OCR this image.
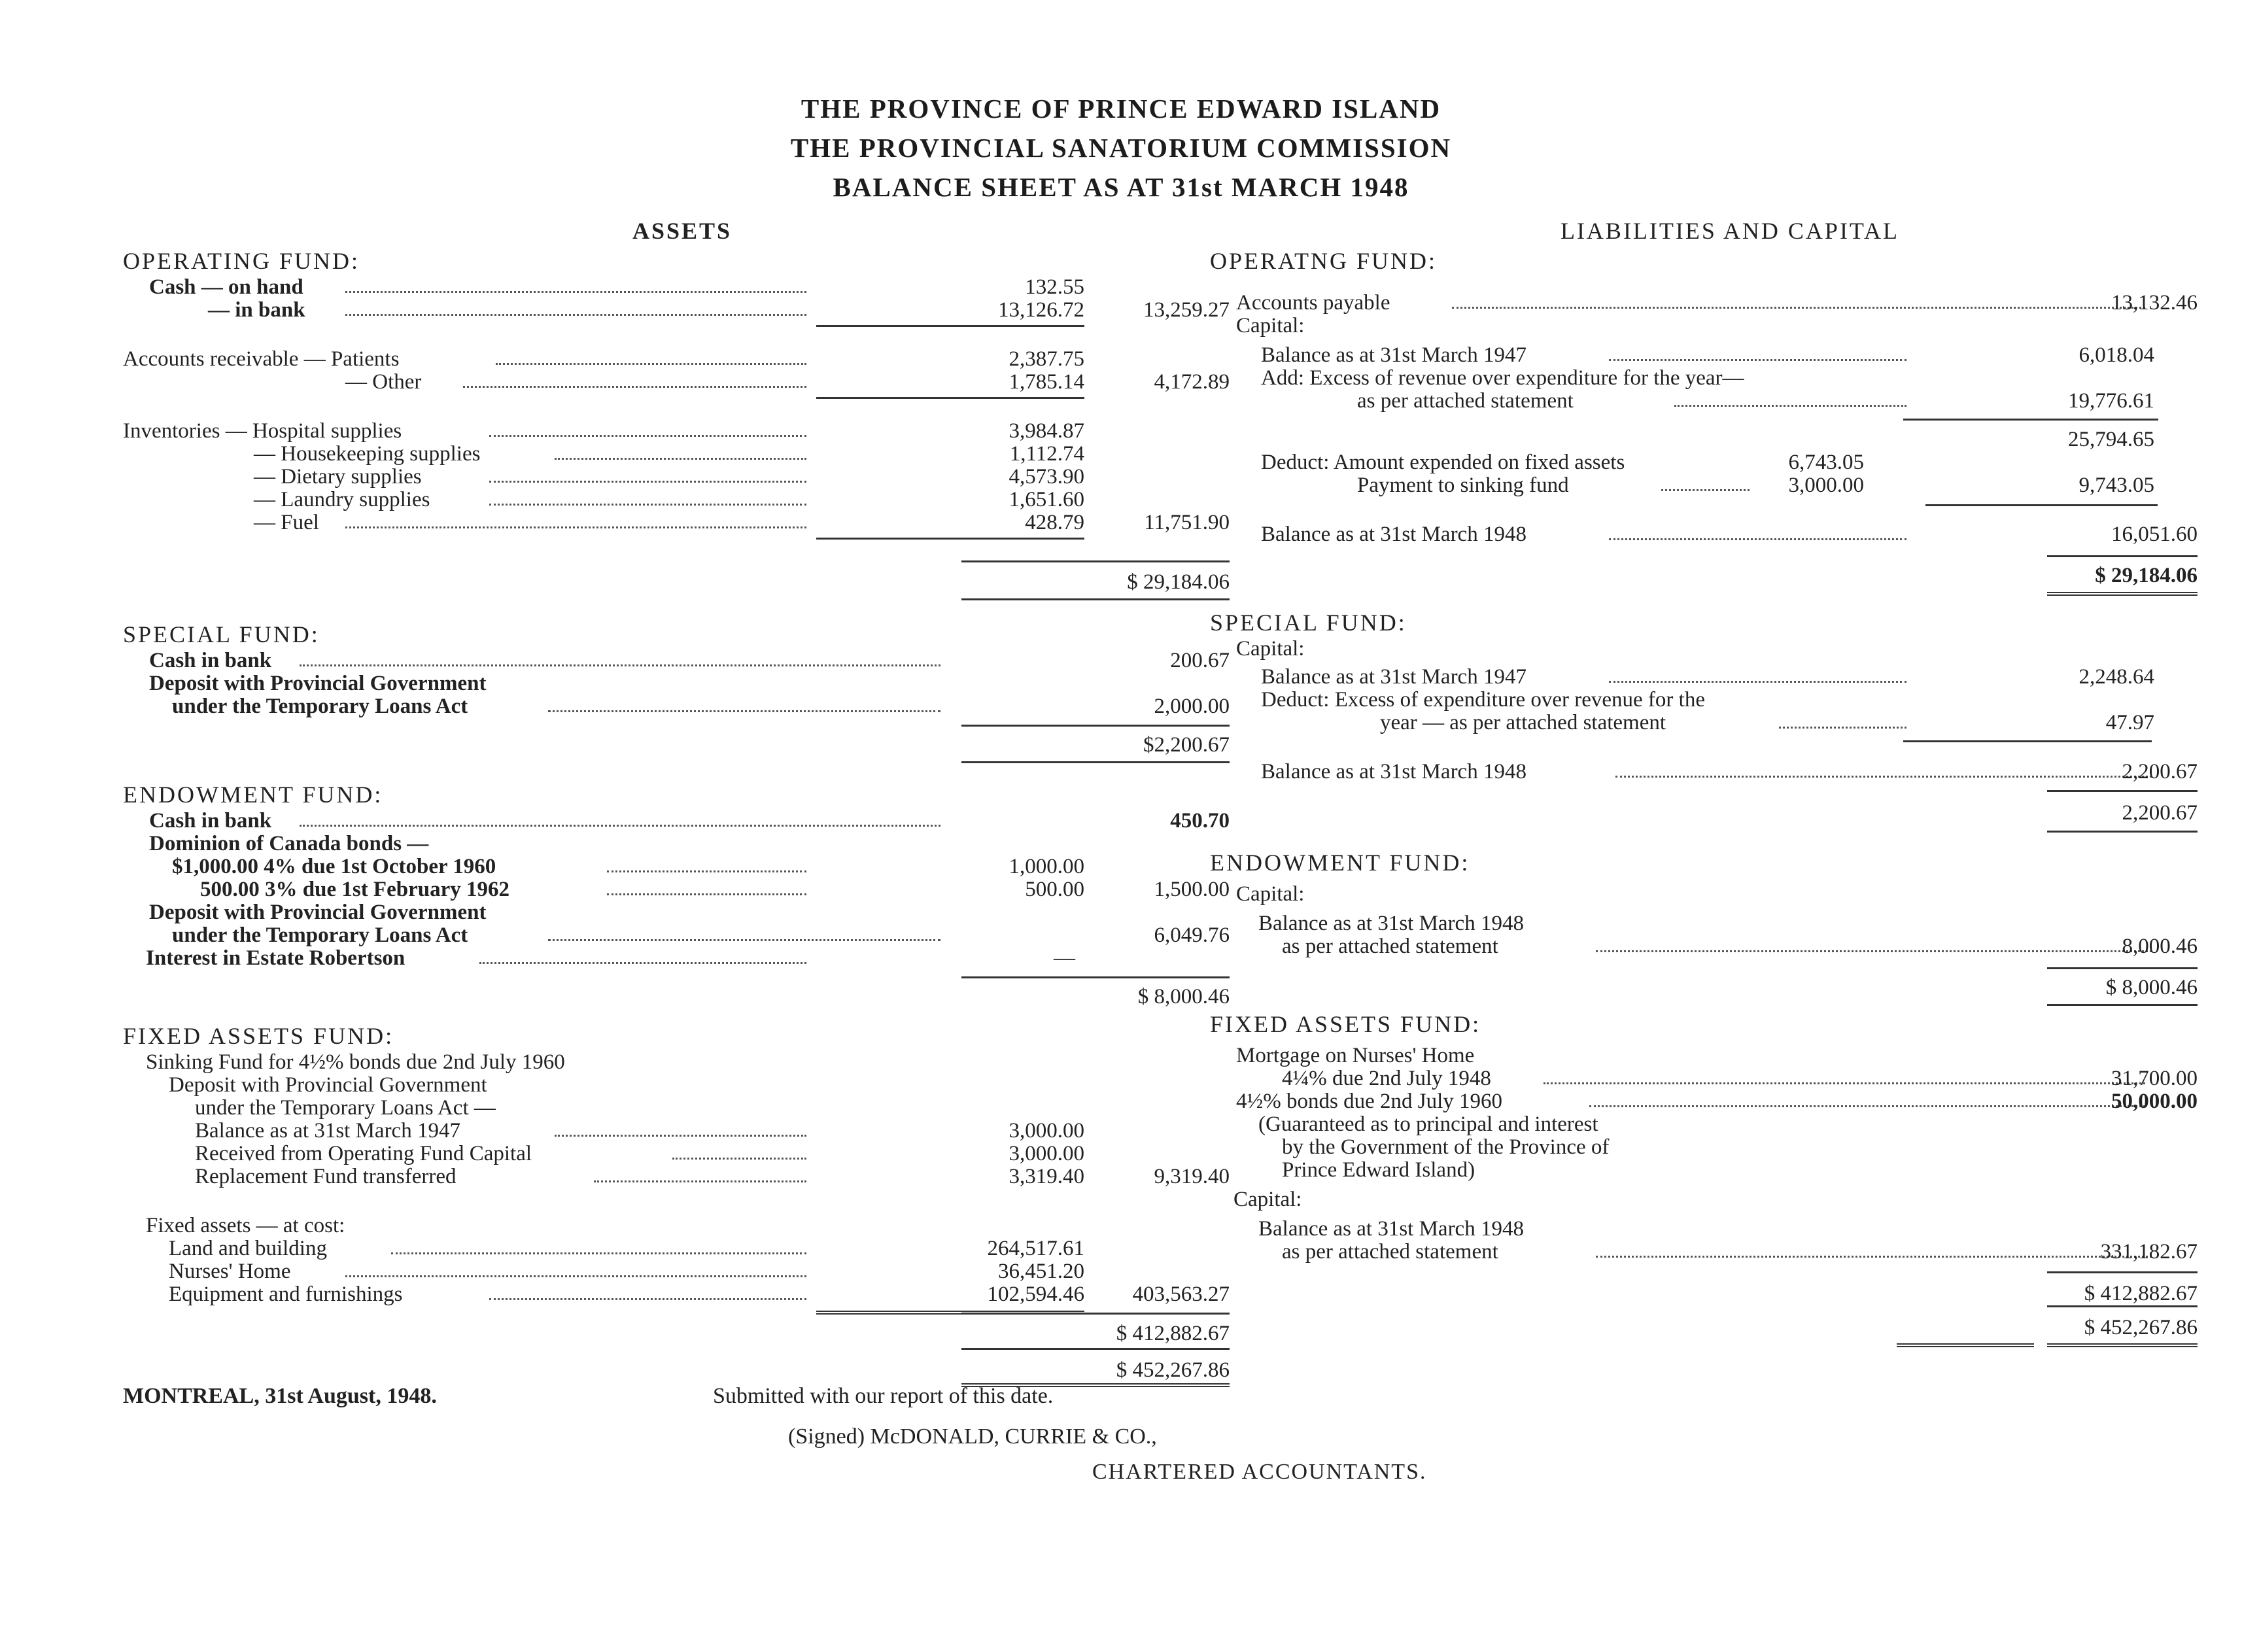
THE PROVINCE OF PRINCE EDWARD ISLAND
THE PROVINCIAL SANATORIUM COMMISSION
BALANCE SHEET AS AT 31st MARCH 1948
ASSETS
OPERATING FUND:
Cash — on hand	132.55
— in bank	13,126.72	13,259.27
Accounts receivable — Patients	2,387.75
— Other	1,785.14	4,172.89
Inventories — Hospital supplies	3,984.87
— Housekeeping supplies	1,112.74
— Dietary supplies	4,573.90
— Laundry supplies	1,651.60
— Fuel	428.79	11,751.90
$ 29,184.06
SPECIAL FUND:
Cash in bank	200.67
Deposit with Provincial Government
under the Temporary Loans Act	2,000.00
$2,200.67
ENDOWMENT FUND:
Cash in bank	450.70
Dominion of Canada bonds —
$1,000.00 4% due 1st October 1960	1,000.00
500.00 3% due 1st February 1962	500.00	1,500.00
Deposit with Provincial Government
under the Temporary Loans Act	6,049.76
Interest in Estate Robertson	—
$ 8,000.46
FIXED ASSETS FUND:
Sinking Fund for 4½% bonds due 2nd July 1960
Deposit with Provincial Government
under the Temporary Loans Act —
Balance as at 31st March 1947	3,000.00
Received from Operating Fund Capital	3,000.00
Replacement Fund transferred	3,319.40	9,319.40
Fixed assets — at cost:
Land and building	264,517.61
Nurses' Home	36,451.20
Equipment and furnishings	102,594.46	403,563.27
$ 412,882.67
$ 452,267.86
LIABILITIES AND CAPITAL
OPERATNG FUND:
Accounts payable	13,132.46
Capital:
Balance as at 31st March 1947	6,018.04
Add: Excess of revenue over expenditure for the year—
as per attached statement	19,776.61
25,794.65
Deduct: Amount expended on fixed assets	6,743.05
Payment to sinking fund	3,000.00	9,743.05
Balance as at 31st March 1948	16,051.60
$ 29,184.06
SPECIAL FUND:
Capital:
Balance as at 31st March 1947	2,248.64
Deduct: Excess of expenditure over revenue for the
year — as per attached statement	47.97
Balance as at 31st March 1948	2,200.67
2,200.67
ENDOWMENT FUND:
Capital:
Balance as at 31st March 1948
as per attached statement	8,000.46
$ 8,000.46
FIXED ASSETS FUND:
Mortgage on Nurses' Home
4¼% due 2nd July 1948	31,700.00
4½% bonds due 2nd July 1960	50,000.00
(Guaranteed as to principal and interest
by the Government of the Province of
Prince Edward Island)
Capital:
Balance as at 31st March 1948
as per attached statement	331,182.67
$ 412,882.67
$ 452,267.86
MONTREAL, 31st August, 1948.	Submitted with our report of this date.
(Signed) McDONALD, CURRIE & CO.,
CHARTERED ACCOUNTANTS.
